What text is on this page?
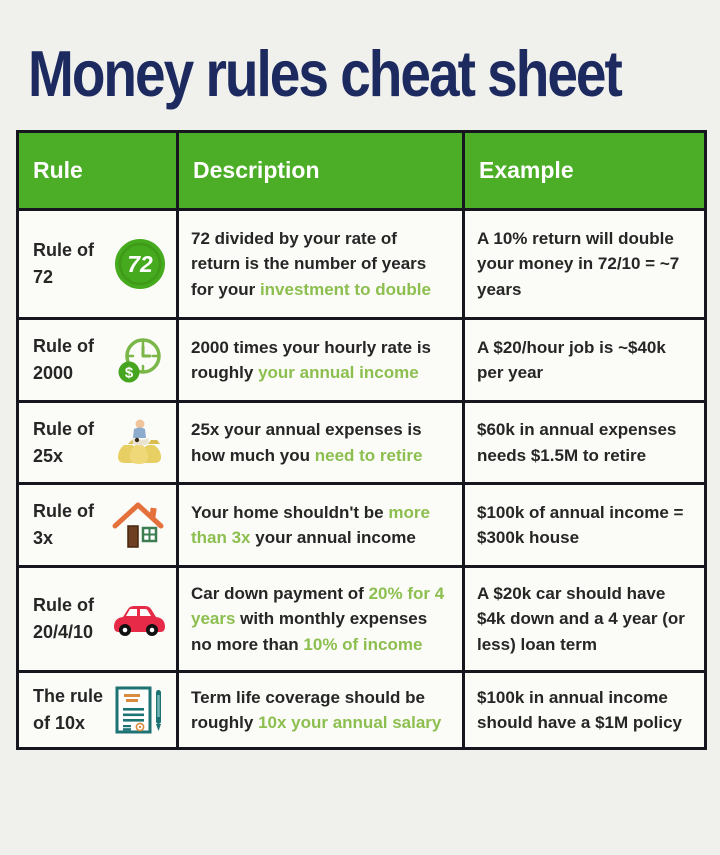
Money rules cheat sheet
Rule	Description	Example

Rule of 72 72	72 divided by your rate of return is the number of years for your investment to double	A 10% return will double your money in 72/10 = ~7 years

Rule of 2000 $	2000 times your hourly rate is roughly your annual income	A $20/hour job is ~$40k per year

Rule of 25x	25x your annual expenses is how much you need to retire	$60k in annual expenses needs $1.5M to retire

Rule of 3x	Your home shouldn't be more than 3x your annual income	$100k of annual income = $300k house

Rule of 20/4/10	Car down payment of 20% for 4 years with monthly expenses no more than 10% of income	A $20k car should have $4k down and a 4 year (or less) loan term

The rule of 10x	Term life coverage should be roughly 10x your annual salary	$100k in annual income should have a $1M policy
